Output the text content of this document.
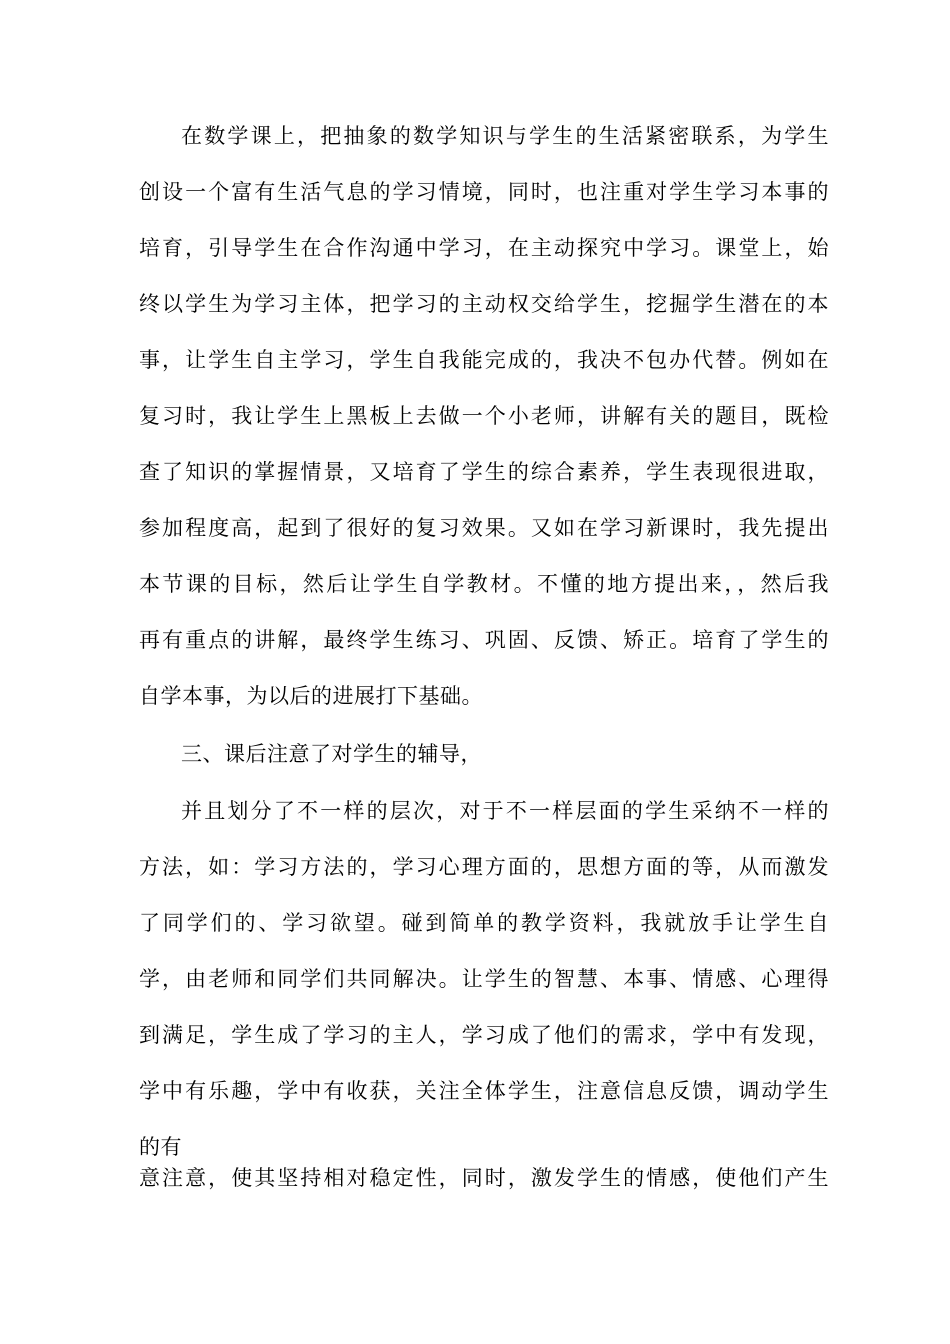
在数学课上，把抽象的数学知识与学生的生活紧密联系，为学生
创设一个富有生活气息的学习情境，同时，也注重对学生学习本事的
培育，引导学生在合作沟通中学习，在主动探究中学习。课堂上，始
终以学生为学习主体，把学习的主动权交给学生，挖掘学生潜在的本
事，让学生自主学习，学生自我能完成的，我决不包办代替。例如在
复习时，我让学生上黑板上去做一个小老师，讲解有关的题目，既检
查了知识的掌握情景，又培育了学生的综合素养，学生表现很进取，
参加程度高，起到了很好的复习效果。又如在学习新课时，我先提出
本节课的目标，然后让学生自学教材。不懂的地方提出来，，然后我
再有重点的讲解，最终学生练习、巩固、反馈、矫正。培育了学生的
自学本事，为以后的进展打下基础。
三、课后注意了对学生的辅导，
并且划分了不一样的层次，对于不一样层面的学生采纳不一样的
方法，如：学习方法的，学习心理方面的，思想方面的等，从而激发
了同学们的、学习欲望。碰到简单的教学资料，我就放手让学生自
学，由老师和同学们共同解决。让学生的智慧、本事、情感、心理得
到满足，学生成了学习的主人，学习成了他们的需求，学中有发现，
学中有乐趣，学中有收获，关注全体学生，注意信息反馈，调动学生
的有
意注意，使其坚持相对稳定性，同时，激发学生的情感，使他们产生
